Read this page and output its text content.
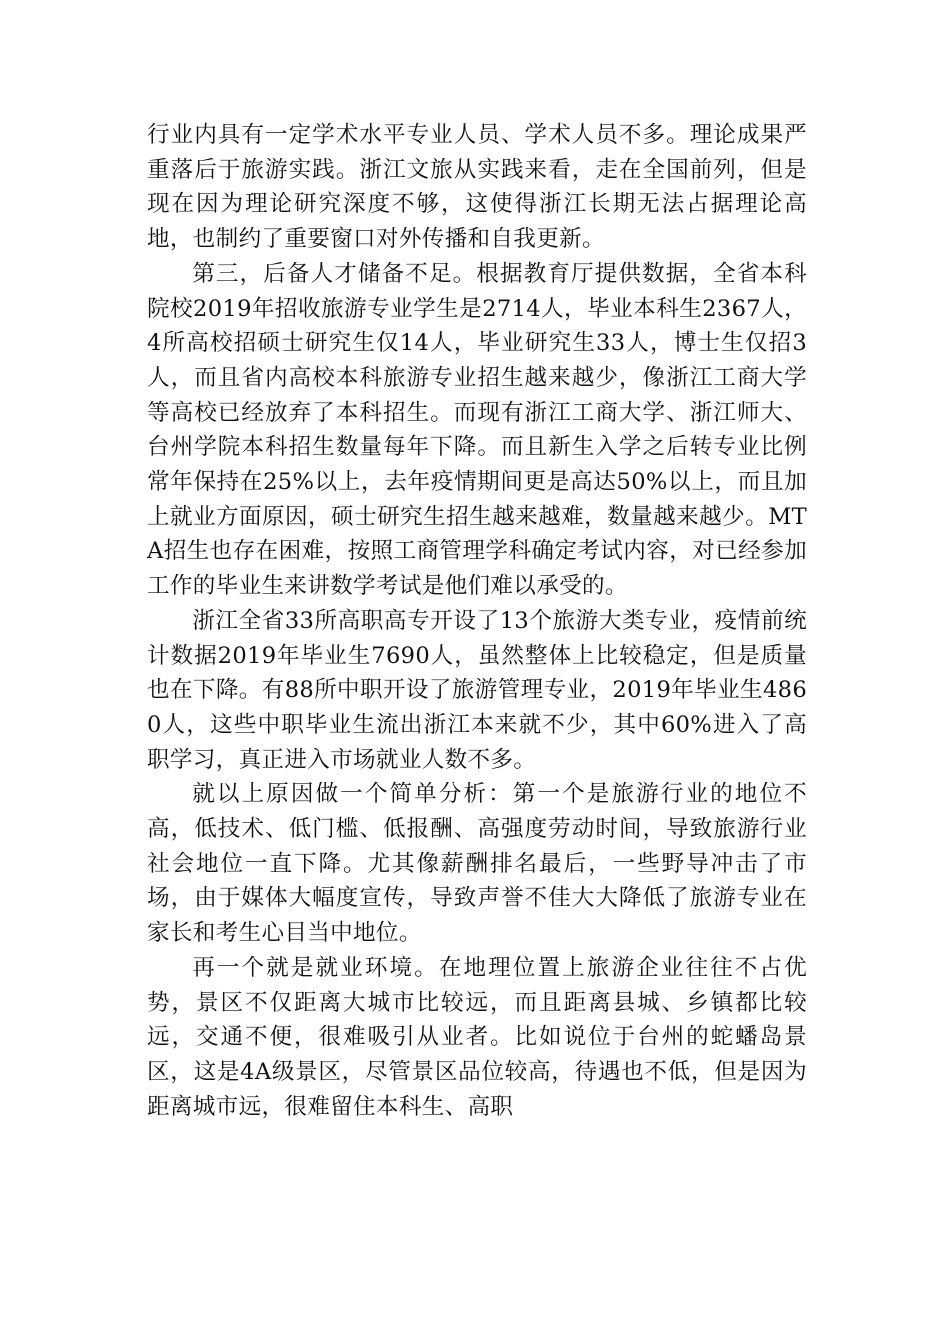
行业内具有一定学术水平专业人员、学术人员不多。理论成果严重落后于旅游实践。浙江文旅从实践来看，走在全国前列，但是现在因为理论研究深度不够，这使得浙江长期无法占据理论高地，也制约了重要窗口对外传播和自我更新。

第三，后备人才储备不足。根据教育厅提供数据，全省本科院校2019年招收旅游专业学生是2714人，毕业本科生2367人，4所高校招硕士研究生仅14人，毕业研究生33人，博士生仅招3人，而且省内高校本科旅游专业招生越来越少，像浙江工商大学等高校已经放弃了本科招生。而现有浙江工商大学、浙江师大、台州学院本科招生数量每年下降。而且新生入学之后转专业比例常年保持在25%以上，去年疫情期间更是高达50%以上，而且加上就业方面原因，硕士研究生招生越来越难，数量越来越少。MTA招生也存在困难，按照工商管理学科确定考试内容，对已经参加工作的毕业生来讲数学考试是他们难以承受的。

浙江全省33所高职高专开设了13个旅游大类专业，疫情前统计数据2019年毕业生7690人，虽然整体上比较稳定，但是质量也在下降。有88所中职开设了旅游管理专业，2019年毕业生4860人，这些中职毕业生流出浙江本来就不少，其中60%进入了高职学习，真正进入市场就业人数不多。

就以上原因做一个简单分析：第一个是旅游行业的地位不高，低技术、低门槛、低报酬、高强度劳动时间，导致旅游行业社会地位一直下降。尤其像薪酬排名最后，一些野导冲击了市场，由于媒体大幅度宣传，导致声誉不佳大大降低了旅游专业在家长和考生心目当中地位。

再一个就是就业环境。在地理位置上旅游企业往往不占优势，景区不仅距离大城市比较远，而且距离县城、乡镇都比较远，交通不便，很难吸引从业者。比如说位于台州的蛇蟠岛景区，这是4A级景区，尽管景区品位较高，待遇也不低，但是因为距离城市远，很难留住本科生、高职
